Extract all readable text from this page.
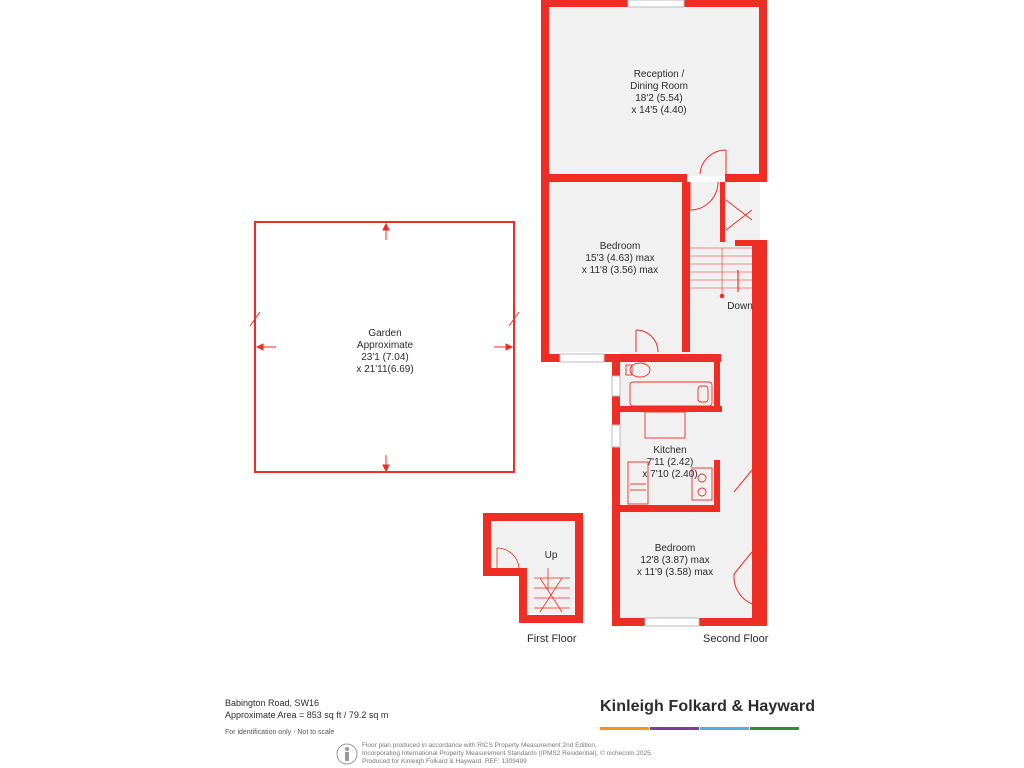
Reception /
Dining Room
18'2 (5.54)
x 14'5 (4.40)
Bedroom
15'3 (4.63) max
x 11'8 (3.56) max
Garden
Approximate
23'1 (7.04)
x 21'11(6.69)
Kitchen
7'11 (2.42)
x 7'10 (2.40)
Bedroom
12'8 (3.87) max
x 11'9 (3.58) max
Down
Up
First Floor	Second Floor
Babington Road, SW16
Approximate Area = 853 sq ft / 79.2 sq m
For identification only - Not to scale
Kinleigh Folkard & Hayward
Floor plan produced in accordance with RICS Property Measurement 2nd Edition,
Incorporating International Property Measurement Standards (IPMS2 Residential). © nichecom 2025.
Produced for Kinleigh Folkard & Hayward. REF: 1309499
